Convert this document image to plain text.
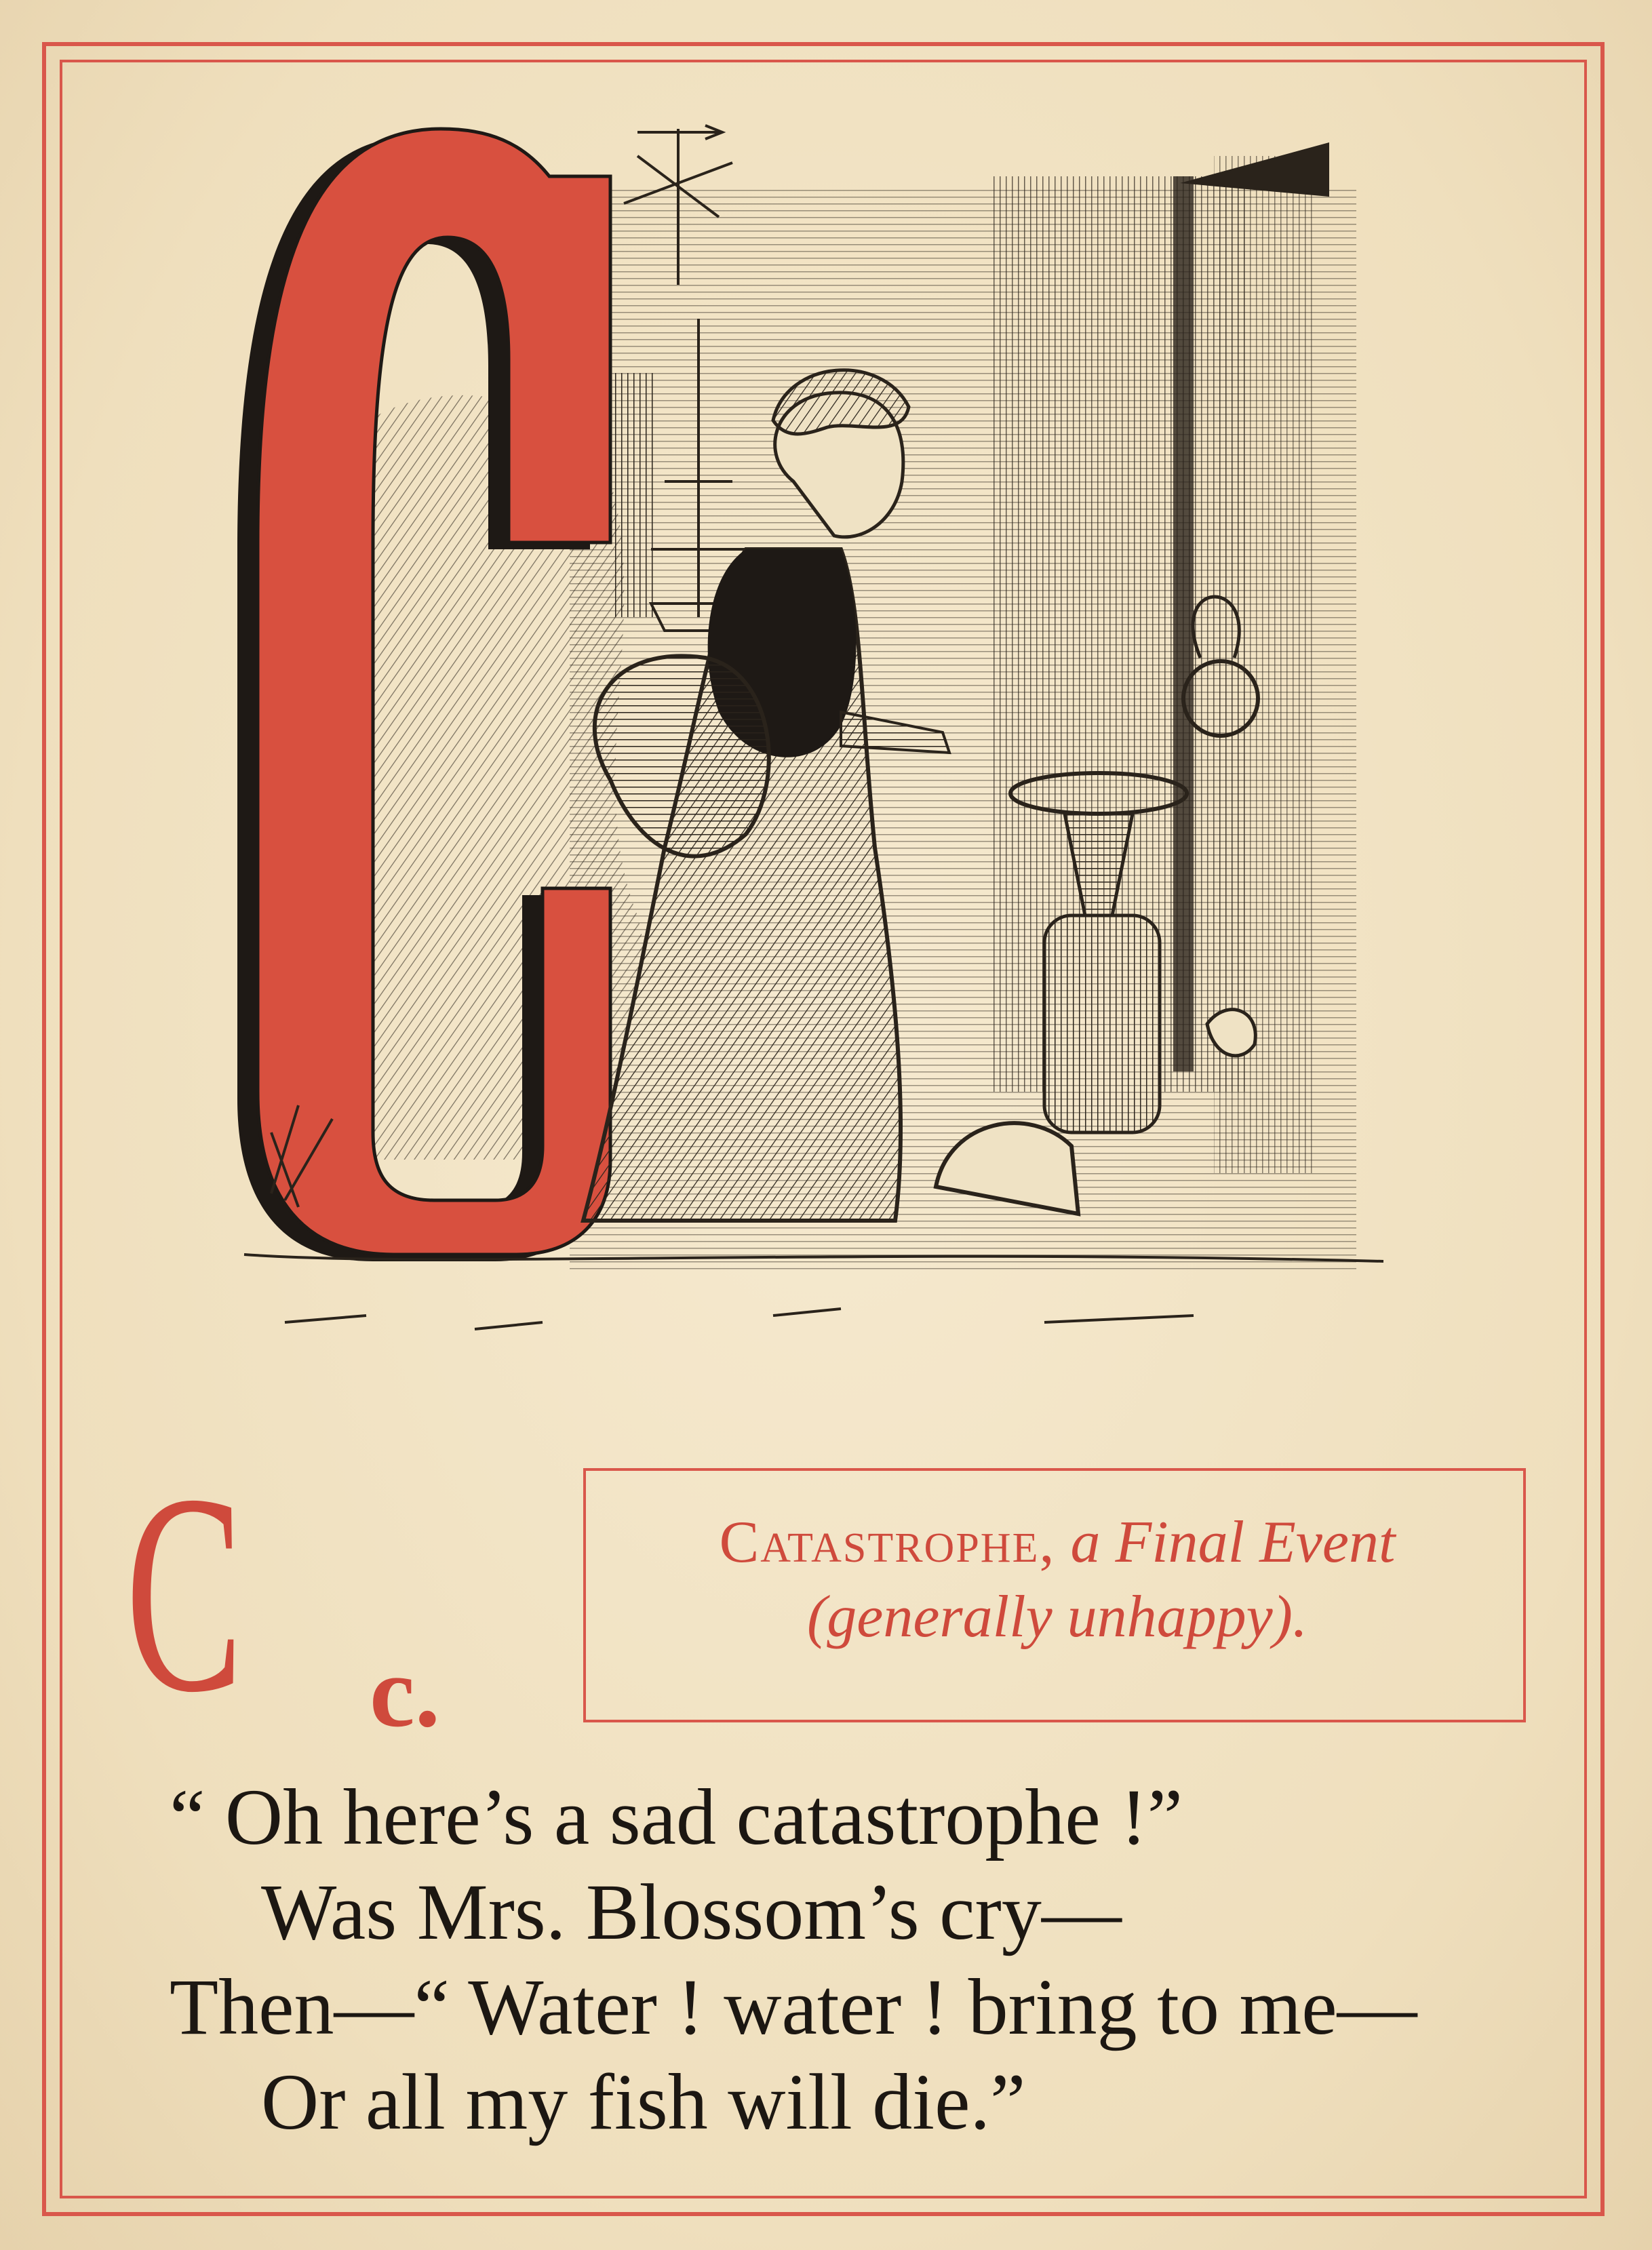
C c.
Catastrophe, a Final Event
(generally unhappy).
“ Oh here’s a sad catastrophe !”
Was Mrs. Blossom’s cry—
Then—“ Water ! water ! bring to me—
Or all my fish will die.”
